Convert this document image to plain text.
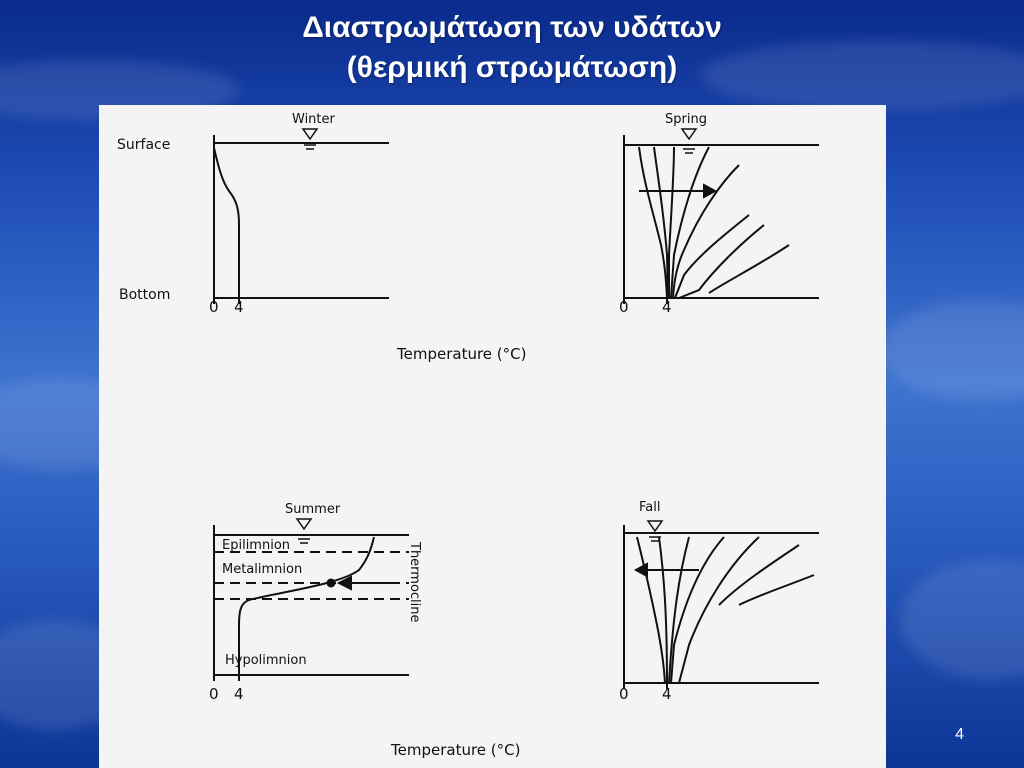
Διαστρωμάτωση των υδάτων
(θερμική στρωμάτωση)
Winter
Surface
Bottom
0 4
Spring
0 4
Temperature (°C)
Summer
Epilimnion
Metalimnion
Hypolimnion
Thermocline
0 4
Fall
0 4
Temperature (°C)
4
